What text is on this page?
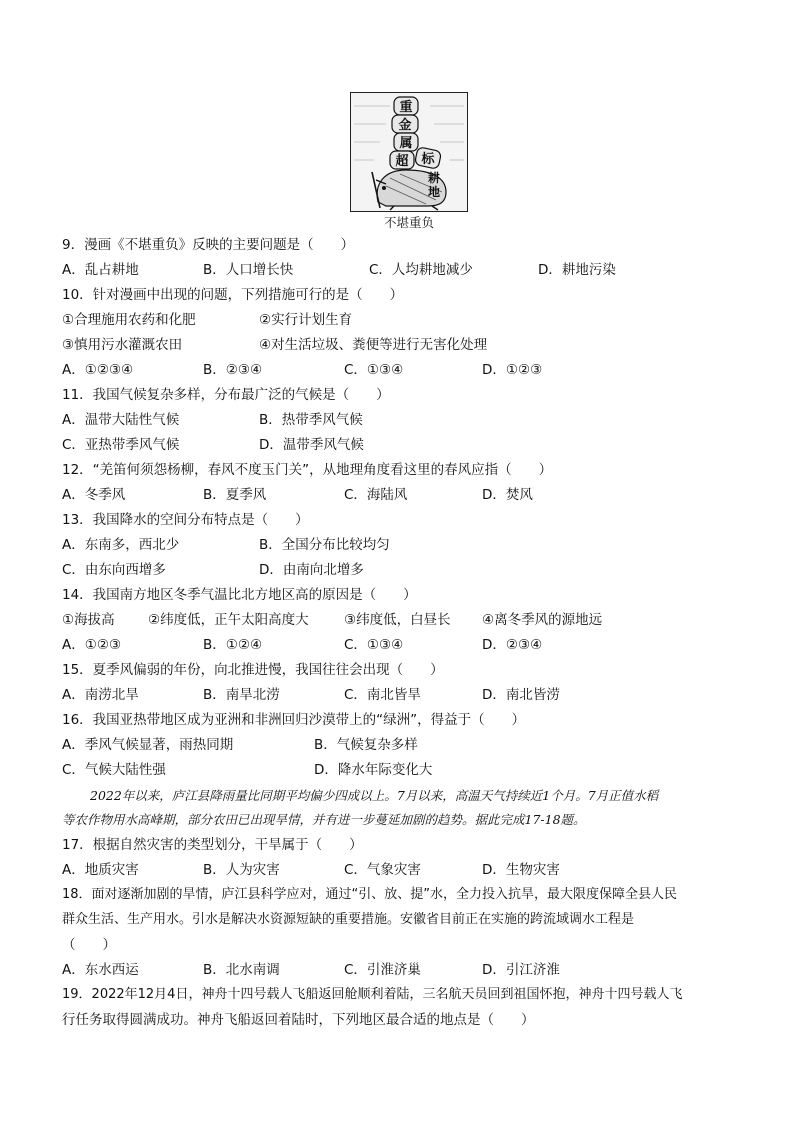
重
金
属
超 标
耕
地
不堪重负
9．漫画《不堪重负》反映的主要问题是（　　）
A．乱占耕地	B．人口增长快	C．人均耕地减少	D．耕地污染
10．针对漫画中出现的问题，下列措施可行的是（　　）
①合理施用农药和化肥	②实行计划生育
③慎用污水灌溉农田	④对生活垃圾、粪便等进行无害化处理
A．①②③④	B．②③④	C．①③④	D．①②③
11．我国气候复杂多样，分布最广泛的气候是（　　）
A．温带大陆性气候	B．热带季风气候
C．亚热带季风气候	D．温带季风气候
12．“羌笛何须怨杨柳，春风不度玉门关”，从地理角度看这里的春风应指（　　）
A．冬季风	B．夏季风	C．海陆风	D．焚风
13．我国降水的空间分布特点是（　　）
A．东南多，西北少	B．全国分布比较均匀
C．由东向西增多	D．由南向北增多
14．我国南方地区冬季气温比北方地区高的原因是（　　）
①海拔高 ②纬度低，正午太阳高度大	③纬度低，白昼长 ④离冬季风的源地远
A．①②③	B．①②④	C．①③④	D．②③④
15．夏季风偏弱的年份，向北推进慢，我国往往会出现（　　）
A．南涝北旱	B．南旱北涝	C．南北皆旱	D．南北皆涝
16．我国亚热带地区成为亚洲和非洲回归沙漠带上的“绿洲”，得益于（　　）
A．季风气候显著，雨热同期	B．气候复杂多样
C．气候大陆性强	D．降水年际变化大
2022年以来，庐江县降雨量比同期平均偏少四成以上。7月以来，高温天气持续近1个月。7月正值水稻
等农作物用水高峰期，部分农田已出现旱情，并有进一步蔓延加剧的趋势。据此完成17-18题。
17．根据自然灾害的类型划分，干旱属于（　　）
A．地质灾害	B．人为灾害	C．气象灾害	D．生物灾害
18．面对逐渐加剧的旱情，庐江县科学应对，通过“引、放、提”水，全力投入抗旱，最大限度保障全县人民
群众生活、生产用水。引水是解决水资源短缺的重要措施。安徽省目前正在实施的跨流域调水工程是
（　　）
A．东水西运	B．北水南调	C．引淮济巢	D．引江济淮
19．2022年12月4日，神舟十四号载人飞船返回舱顺利着陆，三名航天员回到祖国怀抱，神舟十四号载人飞
行任务取得圆满成功。神舟飞船返回着陆时，下列地区最合适的地点是（　　）
